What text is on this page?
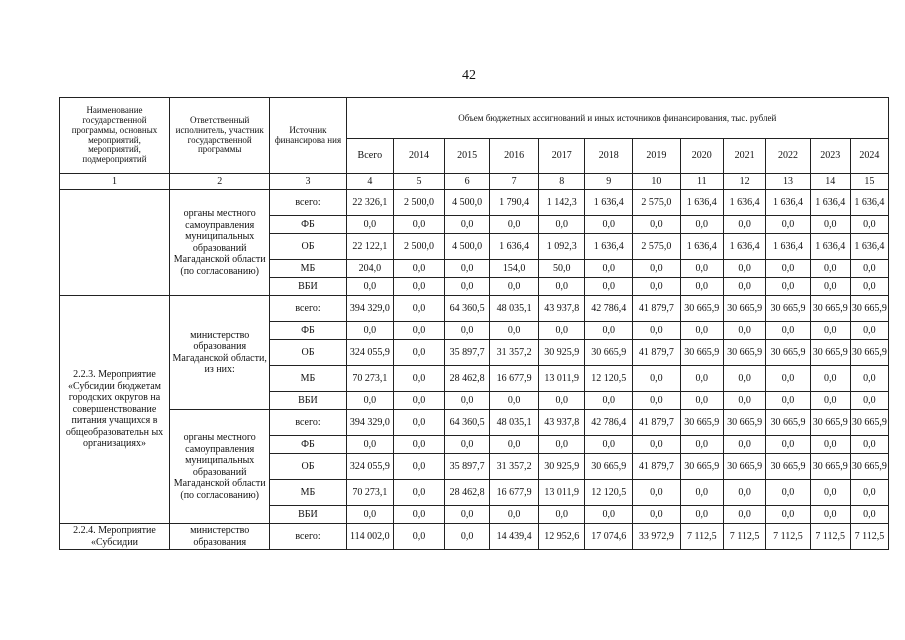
42
Наименование государственной программы, основных мероприятий, мероприятий, подмероприятий	Ответственный исполнитель, участник государственной программы	Источник финансирова ния	Объем бюджетных ассигнований и иных источников финансирования, тыс. рублей											
			Всего	2014	2015	2016	2017	2018	2019	2020	2021	2022	2023	2024
1	2	3	4	5	6	7	8	9	10	11	12	13	14	15
	органы местного самоуправления муниципальных образований Магаданской области (по согласованию)	всего:	22 326,1	2 500,0	4 500,0	1 790,4	1 142,3	1 636,4	2 575,0	1 636,4	1 636,4	1 636,4	1 636,4	1 636,4
		ФБ	0,0	0,0	0,0	0,0	0,0	0,0	0,0	0,0	0,0	0,0	0,0	0,0
		ОБ	22 122,1	2 500,0	4 500,0	1 636,4	1 092,3	1 636,4	2 575,0	1 636,4	1 636,4	1 636,4	1 636,4	1 636,4
		МБ	204,0	0,0	0,0	154,0	50,0	0,0	0,0	0,0	0,0	0,0	0,0	0,0
		ВБИ	0,0	0,0	0,0	0,0	0,0	0,0	0,0	0,0	0,0	0,0	0,0	0,0
2.2.3. Мероприятие «Субсидии бюджетам городских округов на совершенствование питания учащихся в общеобразовательн ых организациях»	министерство образования Магаданской области, из них:	всего:	394 329,0	0,0	64 360,5	48 035,1	43 937,8	42 786,4	41 879,7	30 665,9	30 665,9	30 665,9	30 665,9	30 665,9
		ФБ	0,0	0,0	0,0	0,0	0,0	0,0	0,0	0,0	0,0	0,0	0,0	0,0
		ОБ	324 055,9	0,0	35 897,7	31 357,2	30 925,9	30 665,9	41 879,7	30 665,9	30 665,9	30 665,9	30 665,9	30 665,9
		МБ	70 273,1	0,0	28 462,8	16 677,9	13 011,9	12 120,5	0,0	0,0	0,0	0,0	0,0	0,0
		ВБИ	0,0	0,0	0,0	0,0	0,0	0,0	0,0	0,0	0,0	0,0	0,0	0,0
	органы местного самоуправления муниципальных образований Магаданской области (по согласованию)	всего:	394 329,0	0,0	64 360,5	48 035,1	43 937,8	42 786,4	41 879,7	30 665,9	30 665,9	30 665,9	30 665,9	30 665,9
		ФБ	0,0	0,0	0,0	0,0	0,0	0,0	0,0	0,0	0,0	0,0	0,0	0,0
		ОБ	324 055,9	0,0	35 897,7	31 357,2	30 925,9	30 665,9	41 879,7	30 665,9	30 665,9	30 665,9	30 665,9	30 665,9
		МБ	70 273,1	0,0	28 462,8	16 677,9	13 011,9	12 120,5	0,0	0,0	0,0	0,0	0,0	0,0
		ВБИ	0,0	0,0	0,0	0,0	0,0	0,0	0,0	0,0	0,0	0,0	0,0	0,0
2.2.4. Мероприятие «Субсидии	министерство образования	всего:	114 002,0	0,0	0,0	14 439,4	12 952,6	17 074,6	33 972,9	7 112,5	7 112,5	7 112,5	7 112,5	7 112,5
